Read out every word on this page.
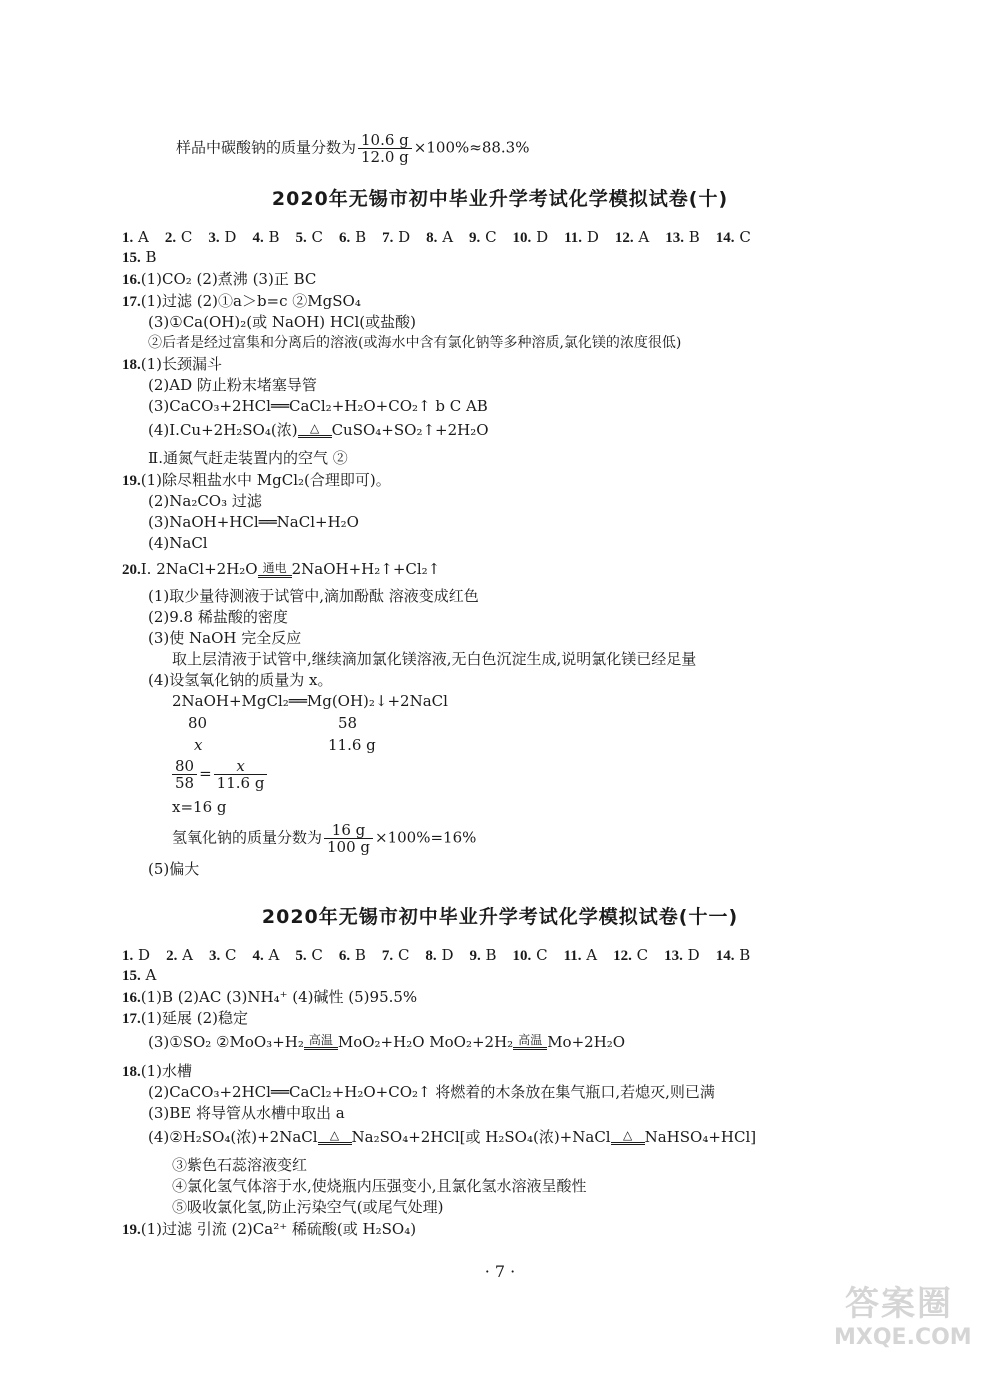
样品中碳酸钠的质量分数为 $\frac{10.6 g}{12.0 g} \times 100\%\approx 88.3\%$
2020年无锡市初中毕业升学考试化学模拟试卷(十)
1. A 2. C 3. D 4. B 5. C 6. B 7. D 8. A 9. C 10. D 11. D 12. A 13. B 14. C
15. B
16.(1)CO₂ (2)煮沸 (3)正 BC
17.(1)过滤 (2)①a＞b=c ②MgSO₄
(3)①Ca(OH)₂(或 NaOH) HCl(或盐酸)
②后者是经过富集和分离后的溶液(或海水中含有氯化钠等多种溶质,氯化镁的浓度很低)
18.(1)长颈漏斗
(2)AD 防止粉末堵塞导管
(3)CaCO₃+2HCl══CaCl₂+H₂O+CO₂↑ b C AB
(4)Ⅰ.Cu+2H₂SO₄(浓)	△ CuSO₄+SO₂↑+2H₂O
Ⅱ.通氮气赶走装置内的空气 ②
19.(1)除尽粗盐水中 MgCl₂(合理即可)。
(2)Na₂CO₃ 过滤
(3)NaOH+HCl══NaCl+H₂O
(4)NaCl
20.Ⅰ. 2NaCl+2H₂O 通电 2NaOH+H₂↑+Cl₂↑
(1)取少量待测液于试管中,滴加酚酞 溶液变成红色
(2)9.8 稀盐酸的密度
(3)使 NaOH 完全反应
取上层清液于试管中,继续滴加氯化镁溶液,无白色沉淀生成,说明氯化镁已经足量
(4)设氢氧化钠的质量为 x。
2NaOH+MgCl₂══Mg(OH)₂↓+2NaCl
80	58
x	11.6 g
$\frac{80}{58} = \frac{x}{11.6 g}$
x=16 g
氢氧化钠的质量分数为 $\frac{16 g}{100 g} \times 100\%=16\%$
(5)偏大
2020年无锡市初中毕业升学考试化学模拟试卷(十一)
1. D 2. A 3. C 4. A 5. C 6. B 7. C 8. D 9. B 10. C 11. A 12. C 13. D 14. B
15. A
16.(1)B (2)AC (3)NH₄⁺ (4)碱性 (5)95.5%
17.(1)延展 (2)稳定
(3)①SO₂ ②MoO₃+H₂ 高温 MoO₂+H₂O MoO₂+2H₂ 高温 Mo+2H₂O
18.(1)水槽
(2)CaCO₃+2HCl══CaCl₂+H₂O+CO₂↑ 将燃着的木条放在集气瓶口,若熄灭,则已满
(3)BE 将导管从水槽中取出 a
(4)②H₂SO₄(浓)+2NaCl	△ Na₂SO₄+2HCl[或 H₂SO₄(浓)+NaCl	△ NaHSO₄+HCl]
③紫色石蕊溶液变红
④氯化氢气体溶于水,使烧瓶内压强变小,且氯化氢水溶液呈酸性
⑤吸收氯化氢,防止污染空气(或尾气处理)
19.(1)过滤 引流 (2)Ca²⁺ 稀硫酸(或 H₂SO₄)
· 7 ·
答案圈
MXQE.COM
